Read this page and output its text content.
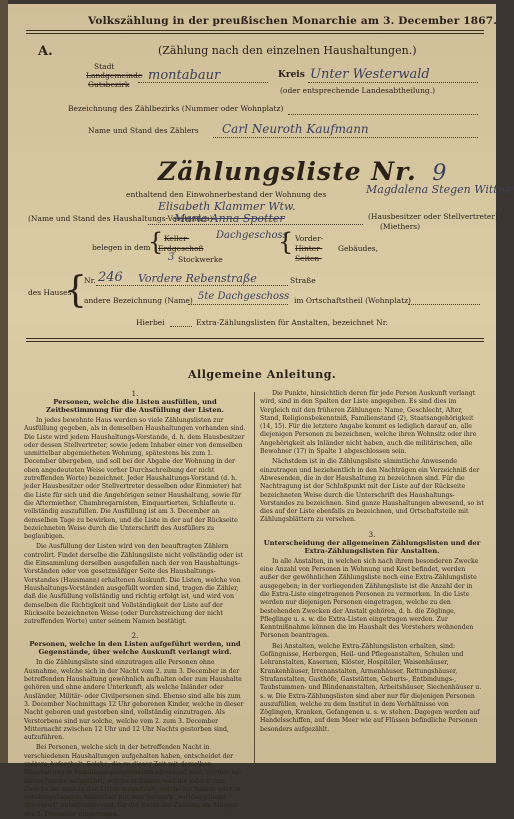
Volkszählung in der preußischen Monarchie am 3. December 1867.
A.	(Zählung nach den einzelnen Haushaltungen.)
Stadt
Landgemeinde
Gutsbezirk
montabaur	Kreis Unter Westerwald
(oder entsprechende Landesabtheilung.)
Bezeichnung des Zählbezirks (Nummer oder Wohnplatz)
Name und Stand des Zählers Carl Neuroth Kaufmann
Zählungsliste Nr. 9
enthaltend den Einwohnerbestand der Wohnung des	Magdalena Stegen Wittwe
(Name und Stand des Haushaltungs-Vorstandes)
Elisabeth Klammer Wtw.
Maria Anna Spotter	(Hausbesitzer oder Stellvertreter)
(Miethers)
belegen in dem
{ Keller-
Erdgeschoß
Dachgeschoss
3 Stockwerke
{ Vorder-
Hinter-
Seiten-
Gebäudes,
des Hauses
{
Nr. 246 Vordere Rebenstraße	Straße
andere Bezeichnung (Name) 5te Dachgeschoss im Ortschaftstheil (Wohnplatz)
Hierbei	Extra-Zählungslisten für Anstalten, bezeichnet Nr.
Allgemeine Anleitung.
1.
Personen, welche die Listen ausfüllen, und Zeitbestimmung für die Ausfüllung der Listen.
In jedes bewohnte Haus werden so viele Zählungslisten zur Ausfüllung gegeben, als in demselben Haushaltungen vorhanden sind. Die Liste wird jedem Haushaltungs-Vorstande, d. h. dem Hausbesitzer oder dessen Stellvertreter, sowie jedem Inhaber einer von demselben unmittelbar abgemietheten Wohnung, spätestens bis zum 1. December übergeben, und soll bei der Abgabe der Wohnung in der oben angedeuteten Weise vorher Durchschreibung der nicht zutreffenden Worte) bezeichnet. Jeder Haushaltungs-Vorstand (d. h. jeder Hausbesitzer oder Stellvertreter desselben oder Einmieter) hat die Liste für sich und die Angehörigen seiner Haushaltung, sowie für die Aftermiether, Chambregarnisten, Einquartierten, Schlafleute u. vollständig auszufüllen. Die Ausfüllung ist am 3. December an demselben Tage zu bewirken, und die Liste in der auf der Rückseite bezeichneten Weise durch die Unterschrift des Ausfüllers zu beglaubigen.
Die Ausfüllung der Listen wird von den beauftragten Zählern controlirt. Findet derselbe die Zählungsliste nicht vollständig oder ist die Einsammlung derselben ausgefallen nach der von Haushaltungs-Vorständen oder von gesetzmäßiger Seite des Haushaltungs-Vorstandes (Hausmann) erhaltenen Auskunft. Die Listen, welche von Haushaltungs-Vorständen ausgefüllt worden sind, tragen die Zähler, daß die Ausfüllung vollständig und richtig erfolgt ist, und wird von demselben die Richtigkeit und Vollständigkeit der Liste auf der Rückseite bezeichneten Weise (oder Durchstreichung der nicht zutreffenden Worte) unter seinem Namen bestätigt.
2.
Personen, welche in den Listen aufgeführt werden, und Gegenstände, über welche Auskunft verlangt wird.
In die Zählungsliste sind einzutragen alle Personen ohne Ausnahme, welche sich in der Nacht vom 2. zum 3. December in der betreffenden Haushaltung gewöhnlich aufhalten oder zum Haushalte gehören und ohne andere Unterkunft, als welche Inländer oder Ausländer, Militär- oder Civilpersonen sind. Ebenso sind alle bis zum 3. December Nachmittags 12 Uhr geborenen Kinder, welche in dieser Nacht geboren und gestorben sind, vollständig einzutragen. Als Verstorbene sind nur solche, welche vom 2. zum 3. December Mitternacht zwischen 12 Uhr und 12 Uhr Nachts gestorben sind, aufzuführen.
Bei Personen, welche sich in der betreffenden Nacht in verschiedenen Haushaltungen aufgehalten haben, entscheidet der spätere Aufenthalt. Solche, die zu dieser Zeit mit derselben Haushaltung in Familienangelegenheiten abwesend sind, werden bei ihrem Familie aufgeführt; welche in Reisen, und die jedoch zum Zwecke bei auch in den Listen aufgeführt, welche auf Reisen oder in vorübergehendem Aufenthalt mit dem Vermerk „vorübergehend abwesend“ aufzuführen sind, für die Nacht der Zählung am Morgen des 3. December eingetragen.
Die Punkte, hinsichtlich deren für jede Person Auskunft verlangt wird, sind in den Spalten der Liste angegeben. Es sind dies im Vergleich mit den früheren Zählungen: Name, Geschlecht, Alter, Stand, Religionsbekenntniß, Familienstand (2), Staatsangehörigkeit (14, 15). Für die letztere Angabe kommt es lediglich darauf an, alle diejenigen Personen zu bezeichnen, welche ihren Wohnsitz oder ihre Angehörigkeit als Inländer nicht haben, auch die militärischen, alle Bewohner (17) in Spalte 1 abgeschlossen sein.
Nächstdem ist in die Zählungsliste sämmtliche Anwesende einzutragen und beziehentlich in den Nachträgen ein Verzeichniß der Abwesenden, die in der Haushaltung zu bezeichnen sind. Für die Nachtragung ist der Schlußpunkt mit der Liste auf der Rückseite bezeichneten Weise durch die Unterschrift des Haushaltungs-Vorstandes zu bezeichnen. Sind ganze Haushaltungen abwesend, so ist dies auf der Liste ebenfalls zu bezeichnen, und Ortschaftsteile mit Zählungsblättern zu versehen.
3.
Unterscheidung der allgemeinen Zählungslisten und der Extra-Zählungslisten für Anstalten.
In alle Anstalten, in welchen sich nach ihrem besonderen Zwecke eine Anzahl von Personen in Wohnung und Kost befindet, werden außer der gewöhnlichen Zählungsliste noch eine Extra-Zählungsliste ausgegeben; in der vorliegenden Zählungsliste ist die Anzahl der in die Extra-Liste eingetragenen Personen zu vermerken. In die Liste werden nur diejenigen Personen eingetragen, welche zu den bestehenden Zwecken der Anstalt gehören, d. h. die Zöglinge, Pfleglinge u. s. w. die Extra-Listen eingetragen werden. Zur Kenntnißnahme können die im Haushalt des Vorstehers wohnenden Personen beantragen.
Bei Anstalten, welche Extra-Zählungslisten erhalten, sind: Gefängnisse, Herbergen, Heil- und Pflegeanstalten, Schulen und Lehranstalten, Kasernen, Klöster, Hospitäler, Waisenhäuser, Krankenhäuser, Irrenanstalten, Armenhäuser, Rettungshäuser, Strafanstalten, Gasthöfe, Gaststätten, Geburts-, Entbindungs-, Taubstummen- und Blindenanstalten, Arbeitshäuser, Siechenhäuser u. s. w. Die Extra-Zählungslisten sind aber nur für diejenigen Personen auszufüllen, welche zu dem Institut in dem Verhältnisse von Zöglingen, Kranken, Gefangenen u. s. w. stehen. Dagegen werden auf Handelsschiffen, auf dem Meer wie auf Flüssen befindliche Personen besonders aufgezählt.
